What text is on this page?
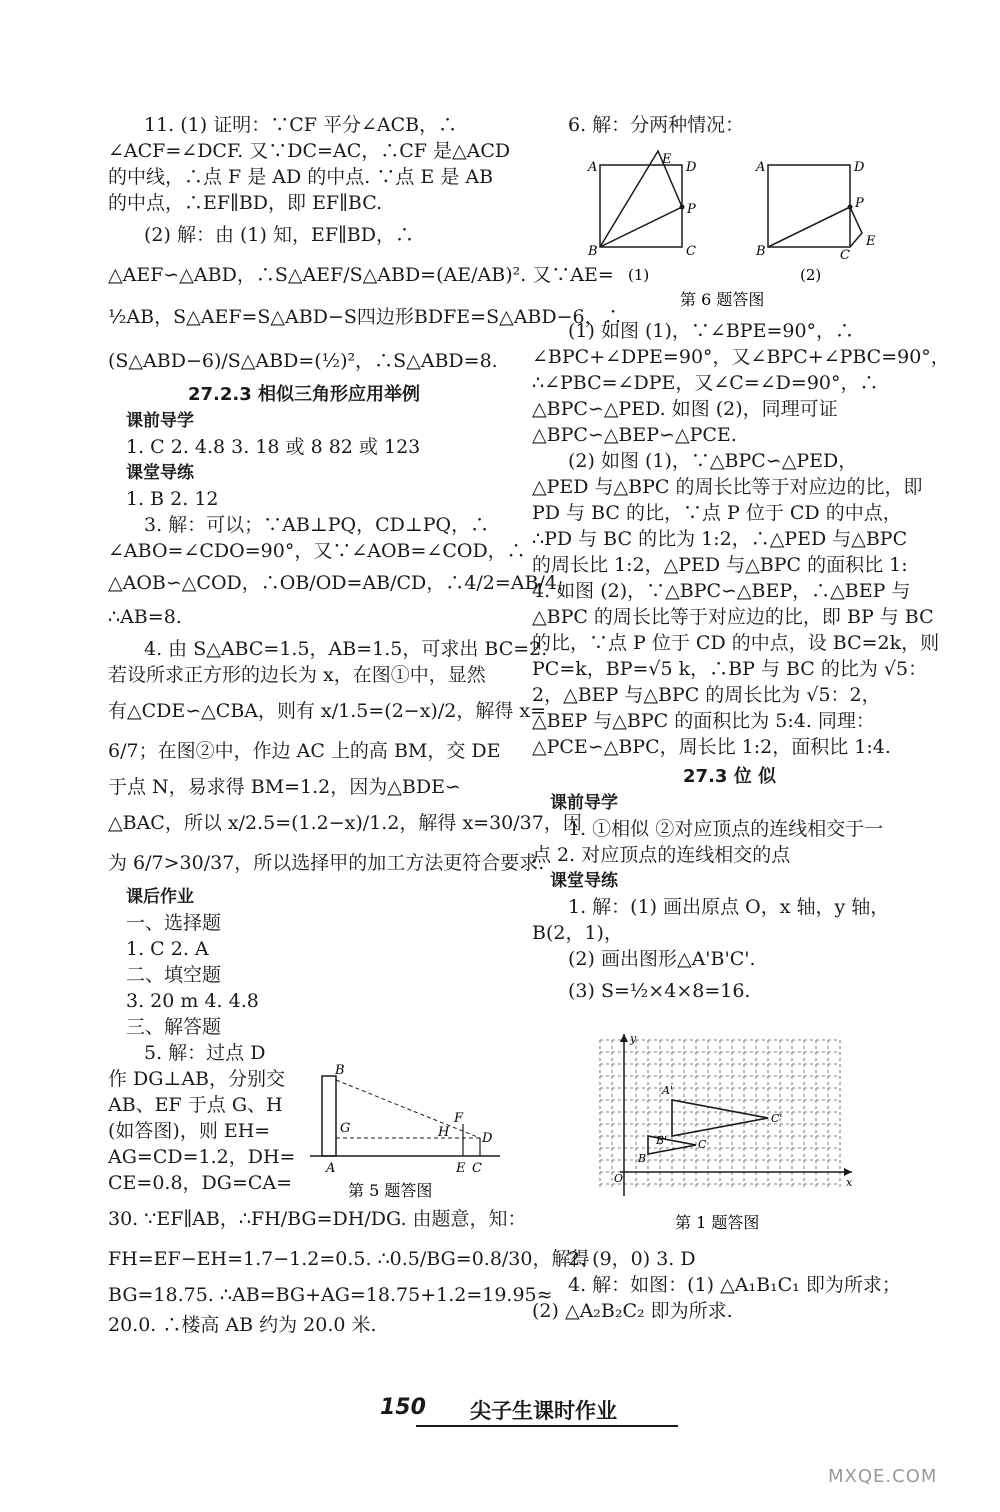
11. (1) 证明：∵CF 平分∠ACB，∴
∠ACF=∠DCF. 又∵DC=AC，∴CF 是△ACD
的中线，∴点 F 是 AD 的中点. ∵点 E 是 AB
的中点，∴EF∥BD，即 EF∥BC.
(2) 解：由 (1) 知，EF∥BD，∴
△AEF∽△ABD，∴S△AEF/S△ABD=(AE/AB)². 又∵AE=
½AB，S△AEF=S△ABD−S四边形BDFE=S△ABD−6，∴
(S△ABD−6)/S△ABD=(½)²，∴S△ABD=8.
27.2.3 相似三角形应用举例
课前导学
1. C 2. 4.8 3. 18 或 8 82 或 123
课堂导练
1. B 2. 12
3. 解：可以；∵AB⊥PQ，CD⊥PQ，∴
∠ABO=∠CDO=90°，又∵∠AOB=∠COD，∴
△AOB∽△COD，∴OB/OD=AB/CD，∴4/2=AB/4，
∴AB=8.
4. 由 S△ABC=1.5，AB=1.5，可求出 BC=2.
若设所求正方形的边长为 x，在图①中，显然
有△CDE∽△CBA，则有 x/1.5=(2−x)/2，解得 x=
6/7；在图②中，作边 AC 上的高 BM，交 DE
于点 N，易求得 BM=1.2，因为△BDE∽
△BAC，所以 x/2.5=(1.2−x)/1.2，解得 x=30/37，因
为 6/7>30/37，所以选择甲的加工方法更符合要求.
课后作业
一、选择题
1. C 2. A
二、填空题
3. 20 m 4. 4.8
三、解答题
5. 解：过点 D
作 DG⊥AB，分别交
AB、EF 于点 G、H
(如答图)，则 EH=
AG=CD=1.2，DH=
CE=0.8，DG=CA=
30. ∵EF∥AB，∴FH/BG=DH/DG. 由题意，知：
FH=EF−EH=1.7−1.2=0.5. ∴0.5/BG=0.8/30，解得
BG=18.75. ∴AB=BG+AG=18.75+1.2=19.95≈
20.0. ∴楼高 AB 约为 20.0 米.
B
G
F
H	D
A	E C
第 5 题答图
6. 解：分两种情况：
A
E
D
P
B	C
(1)
A	D
P
B	C
E
(2)
第 6 题答图
(1) 如图 (1)，∵∠BPE=90°，∴
∠BPC+∠DPE=90°，又∠BPC+∠PBC=90°，
∴∠PBC=∠DPE，又∠C=∠D=90°，∴
△BPC∽△PED. 如图 (2)，同理可证
△BPC∽△BEP∽△PCE.
(2) 如图 (1)，∵△BPC∽△PED，
△PED 与△BPC 的周长比等于对应边的比，即
PD 与 BC 的比，∵点 P 位于 CD 的中点，
∴PD 与 BC 的比为 1:2，∴△PED 与△BPC
的周长比 1:2，△PED 与△BPC 的面积比 1:
4. 如图 (2)，∵△BPC∽△BEP，∴△BEP 与
△BPC 的周长比等于对应边的比，即 BP 与 BC
的比，∵点 P 位于 CD 的中点，设 BC=2k，则
PC=k，BP=√5 k，∴BP 与 BC 的比为 √5：
2，△BEP 与△BPC 的周长比为 √5：2，
△BEP 与△BPC 的面积比为 5:4. 同理：
△PCE∽△BPC，周长比 1:2，面积比 1:4.
27.3 位 似
课前导学
1. ①相似 ②对应顶点的连线相交于一
点 2. 对应顶点的连线相交的点
课堂导练
1. 解：(1) 画出原点 O，x 轴，y 轴，
B(2，1)，
(2) 画出图形△A'B'C'.
(3) S=½×4×8=16.
A'
C'
B'	C
B
O	x
y
第 1 题答图
2. (9，0) 3. D
4. 解：如图：(1) △A₁B₁C₁ 即为所求；
(2) △A₂B₂C₂ 即为所求.
150 尖子生课时作业
MXQE.COM
